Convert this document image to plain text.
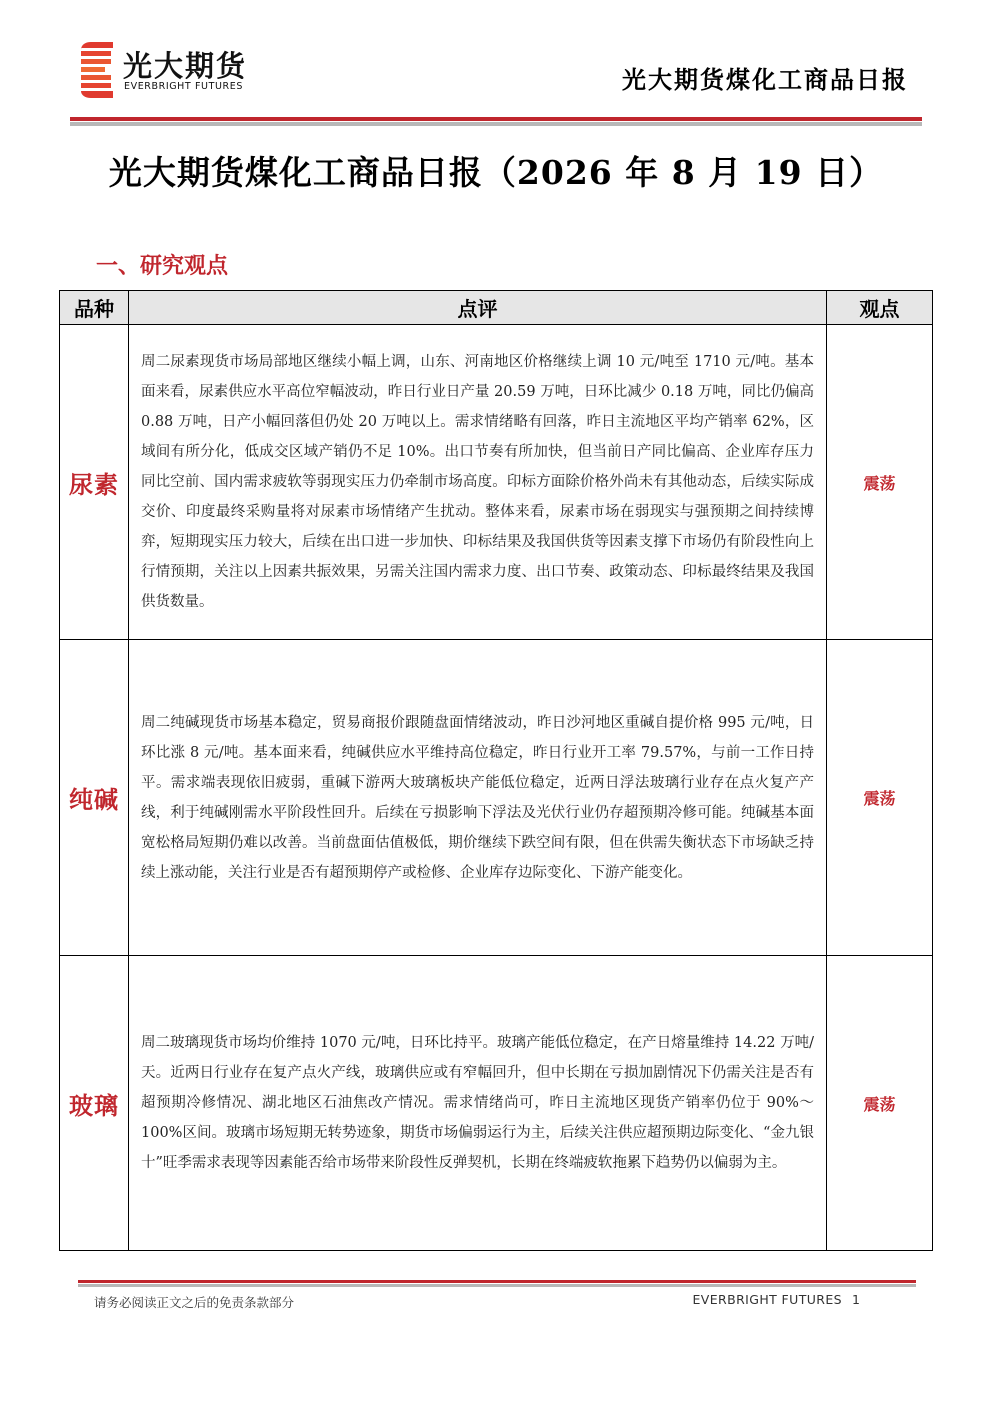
光大期货
EVERBRIGHT FUTURES	光大期货煤化工商品日报
光大期货煤化工商品日报（2026 年 8 月 19 日）
一、研究观点
品种	点评	观点
尿素	周二尿素现货市场局部地区继续小幅上调，山东、河南地区价格继续上调 10 元/吨至 1710 元/吨。基本面来看，尿素供应水平高位窄幅波动，昨日行业日产量 20.59 万吨，日环比减少 0.18 万吨，同比仍偏高 0.88 万吨，日产小幅回落但仍处 20 万吨以上。需求情绪略有回落，昨日主流地区平均产销率 62%，区域间有所分化，低成交区域产销仍不足 10%。出口节奏有所加快，但当前日产同比偏高、企业库存压力同比空前、国内需求疲软等弱现实压力仍牵制市场高度。印标方面除价格外尚未有其他动态，后续实际成交价、印度最终采购量将对尿素市场情绪产生扰动。整体来看，尿素市场在弱现实与强预期之间持续博弈，短期现实压力较大，后续在出口进一步加快、印标结果及我国供货等因素支撑下市场仍有阶段性向上行情预期，关注以上因素共振效果，另需关注国内需求力度、出口节奏、政策动态、印标最终结果及我国供货数量。	震荡
纯碱	周二纯碱现货市场基本稳定，贸易商报价跟随盘面情绪波动，昨日沙河地区重碱自提价格 995 元/吨，日环比涨 8 元/吨。基本面来看，纯碱供应水平维持高位稳定，昨日行业开工率 79.57%，与前一工作日持平。需求端表现依旧疲弱，重碱下游两大玻璃板块产能低位稳定，近两日浮法玻璃行业存在点火复产产线，利于纯碱刚需水平阶段性回升。后续在亏损影响下浮法及光伏行业仍存超预期冷修可能。纯碱基本面宽松格局短期仍难以改善。当前盘面估值极低，期价继续下跌空间有限，但在供需失衡状态下市场缺乏持续上涨动能，关注行业是否有超预期停产或检修、企业库存边际变化、下游产能变化。	震荡
玻璃	周二玻璃现货市场均价维持 1070 元/吨，日环比持平。玻璃产能低位稳定，在产日熔量维持 14.22 万吨/天。近两日行业存在复产点火产线，玻璃供应或有窄幅回升，但中长期在亏损加剧情况下仍需关注是否有超预期冷修情况、湖北地区石油焦改产情况。需求情绪尚可，昨日主流地区现货产销率仍位于 90%～100%区间。玻璃市场短期无转势迹象，期货市场偏弱运行为主，后续关注供应超预期边际变化、“金九银十”旺季需求表现等因素能否给市场带来阶段性反弹契机，长期在终端疲软拖累下趋势仍以偏弱为主。	震荡
请务必阅读正文之后的免责条款部分	EVERBRIGHT FUTURES 1
